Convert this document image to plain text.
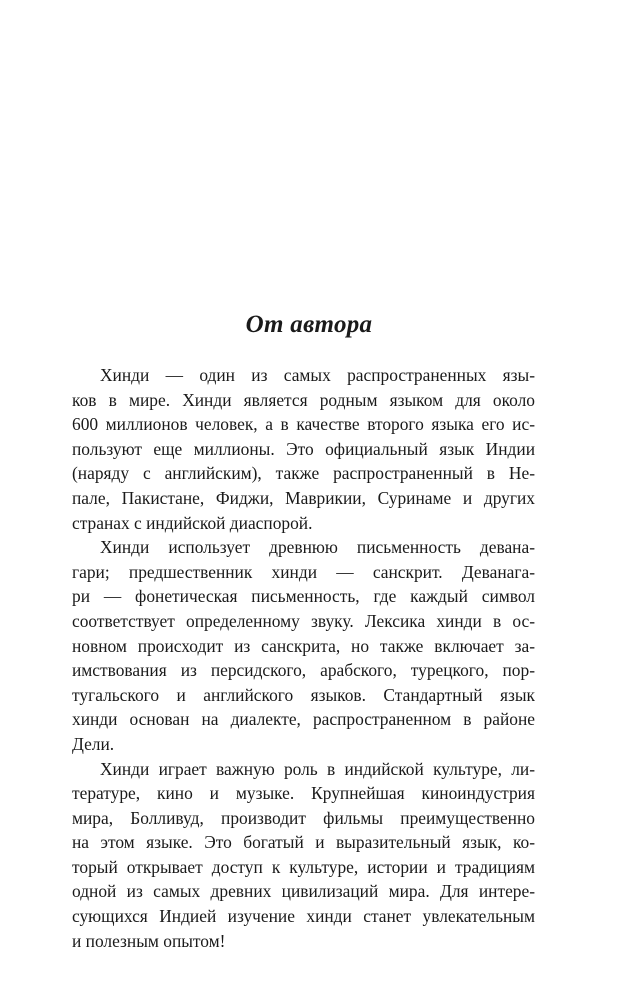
От автора
Хинди — один из самых распространенных язы-
ков в мире. Хинди является родным языком для около
600 миллионов человек, а в качестве второго языка его ис-
пользуют еще миллионы. Это официальный язык Индии
(наряду с английским), также распространенный в Не-
пале, Пакистане, Фиджи, Маврикии, Суринаме и других
странах с индийской диаспорой.
Хинди использует древнюю письменность девана-
гари; предшественник хинди — санскрит. Деванага-
ри — фонетическая письменность, где каждый символ
соответствует определенному звуку. Лексика хинди в ос-
новном происходит из санскрита, но также включает за-
имствования из персидского, арабского, турецкого, пор-
тугальского и английского языков. Стандартный язык
хинди основан на диалекте, распространенном в районе
Дели.
Хинди играет важную роль в индийской культуре, ли-
тературе, кино и музыке. Крупнейшая киноиндустрия
мира, Болливуд, производит фильмы преимущественно
на этом языке. Это богатый и выразительный язык, ко-
торый открывает доступ к культуре, истории и традициям
одной из самых древних цивилизаций мира. Для интере-
сующихся Индией изучение хинди станет увлекательным
и полезным опытом!
